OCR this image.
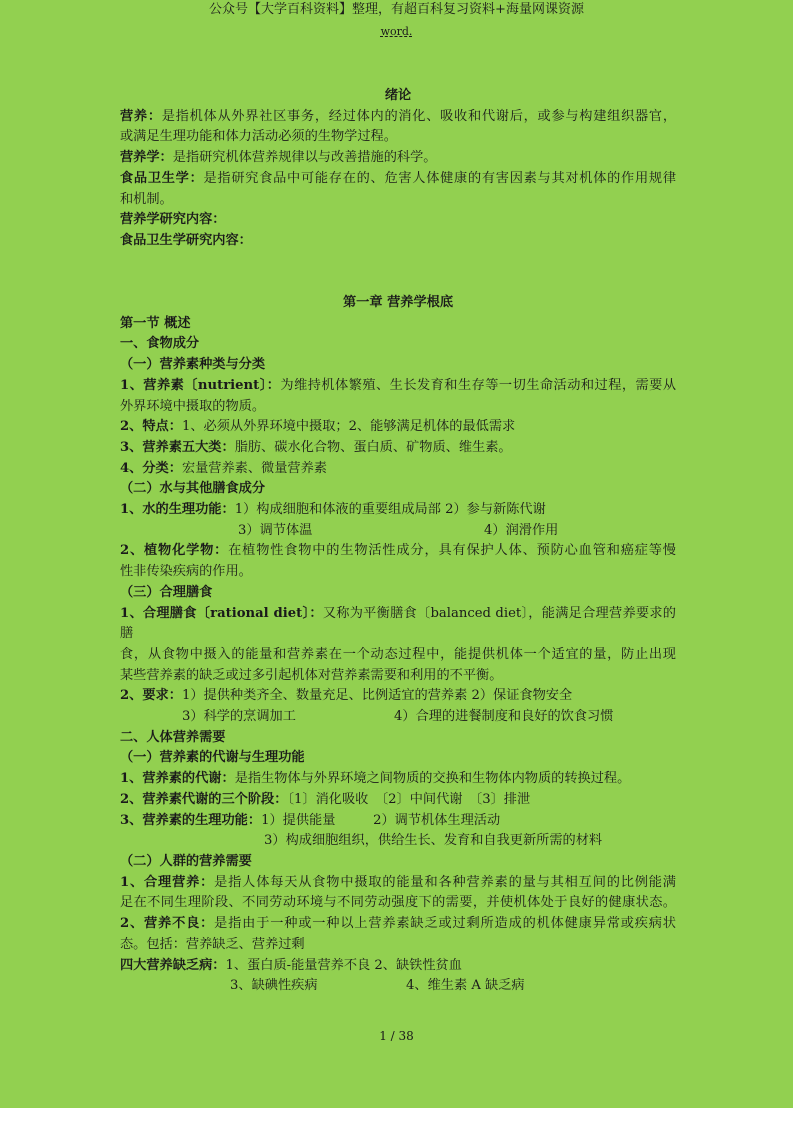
公众号【大学百科资料】整理，有超百科复习资料+海量网课资源
word.
绪论
营养：是指机体从外界社区事务，经过体内的消化、吸收和代谢后，或参与构建组织器官，
或满足生理功能和体力活动必须的生物学过程。
营养学：是指研究机体营养规律以与改善措施的科学。
食品卫生学：是指研究食品中可能存在的、危害人体健康的有害因素与其对机体的作用规律
和机制。
营养学研究内容：
食品卫生学研究内容：
第一章 营养学根底
第一节 概述
一、食物成分
（一）营养素种类与分类
1、营养素〔nutrient〕：为维持机体繁殖、生长发育和生存等一切生命活动和过程，需要从
外界环境中摄取的物质。
2、特点：1、必须从外界环境中摄取；2、能够满足机体的最低需求
3、营养素五大类：脂肪、碳水化合物、蛋白质、矿物质、维生素。
4、分类：宏量营养素、微量营养素
（二）水与其他膳食成分
1、水的生理功能：1）构成细胞和体液的重要组成局部 2）参与新陈代谢
3）调节体温	4）润滑作用
2、植物化学物：在植物性食物中的生物活性成分，具有保护人体、预防心血管和癌症等慢
性非传染疾病的作用。
（三）合理膳食
1、合理膳食〔rational diet〕：又称为平衡膳食〔balanced diet〕，能满足合理营养要求的膳
食，从食物中摄入的能量和营养素在一个动态过程中，能提供机体一个适宜的量，防止出现
某些营养素的缺乏或过多引起机体对营养素需要和利用的不平衡。
2、要求：1）提供种类齐全、数量充足、比例适宜的营养素 2）保证食物安全
3）科学的烹调加工	4）合理的进餐制度和良好的饮食习惯
二、人体营养需要
（一）营养素的代谢与生理功能
1、营养素的代谢：是指生物体与外界环境之间物质的交换和生物体内物质的转换过程。
2、营养素代谢的三个阶段：〔1〕消化吸收　〔2〕中间代谢　〔3〕排泄
3、营养素的生理功能：1）提供能量	2）调节机体生理活动
3）构成细胞组织，供给生长、发育和自我更新所需的材料
（二）人群的营养需要
1、合理营养：是指人体每天从食物中摄取的能量和各种营养素的量与其相互间的比例能满
足在不同生理阶段、不同劳动环境与不同劳动强度下的需要，并使机体处于良好的健康状态。
2、营养不良：是指由于一种或一种以上营养素缺乏或过剩所造成的机体健康异常或疾病状
态。包括：营养缺乏、营养过剩
四大营养缺乏病：1、蛋白质-能量营养不良 2、缺铁性贫血
3、缺碘性疾病	4、维生素 A 缺乏病
1 / 38
